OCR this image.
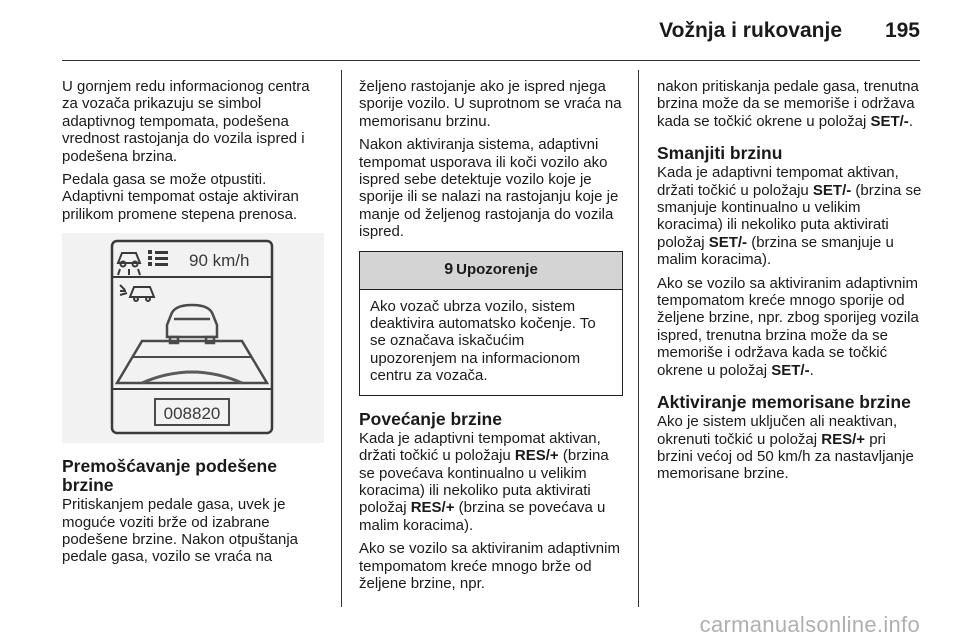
Vožnja i rukovanje 195

U gornjem redu informacionog centra za vozača prikazuju se simbol adaptivnog tempomata, podešena vrednost rastojanja do vozila ispred i podešena brzina.

Pedala gasa se može otpustiti. Adaptivni tempomat ostaje aktiviran prilikom promene stepena prenosa.

90 km/h
008820
Premošćavanje podešene brzine

Pritiskanjem pedale gasa, uvek je moguće voziti brže od izabrane podešene brzine. Nakon otpuštanja pedale gasa, vozilo se vraća na

željeno rastojanje ako je ispred njega sporije vozilo. U suprotnom se vraća na memorisanu brzinu.

Nakon aktiviranja sistema, adaptivni tempomat usporava ili koči vozilo ako ispred sebe detektuje vozilo koje je sporije ili se nalazi na rastojanju koje je manje od željenog rastojanja do vozila ispred.

9 Upozorenje
Ako vozač ubrza vozilo, sistem deaktivira automatsko kočenje. To se označava iskačućim upozorenjem na informacionom centru za vozača.
Povećanje brzine

Kada je adaptivni tempomat aktivan, držati točkić u položaju RES/+ (brzina se povećava kontinualno u velikim koracima) ili nekoliko puta aktivirati položaj RES/+ (brzina se povećava u malim koracima).

Ako se vozilo sa aktiviranim adaptivnim tempomatom kreće mnogo brže od željene brzine, npr.

nakon pritiskanja pedale gasa, trenutna brzina može da se memoriše i održava kada se točkić okrene u položaj SET/-.

Smanjiti brzinu

Kada je adaptivni tempomat aktivan, držati točkić u položaju SET/- (brzina se smanjuje kontinualno u velikim koracima) ili nekoliko puta aktivirati položaj SET/- (brzina se smanjuje u malim koracima).

Ako se vozilo sa aktiviranim adaptivnim tempomatom kreće mnogo sporije od željene brzine, npr. zbog sporijeg vozila ispred, trenutna brzina može da se memoriše i održava kada se točkić okrene u položaj SET/-.

Aktiviranje memorisane brzine

Ako je sistem uključen ali neaktivan, okrenuti točkić u položaj RES/+ pri brzini većoj od 50 km/h za nastavljanje memorisane brzine.

carmanualsonline.info
